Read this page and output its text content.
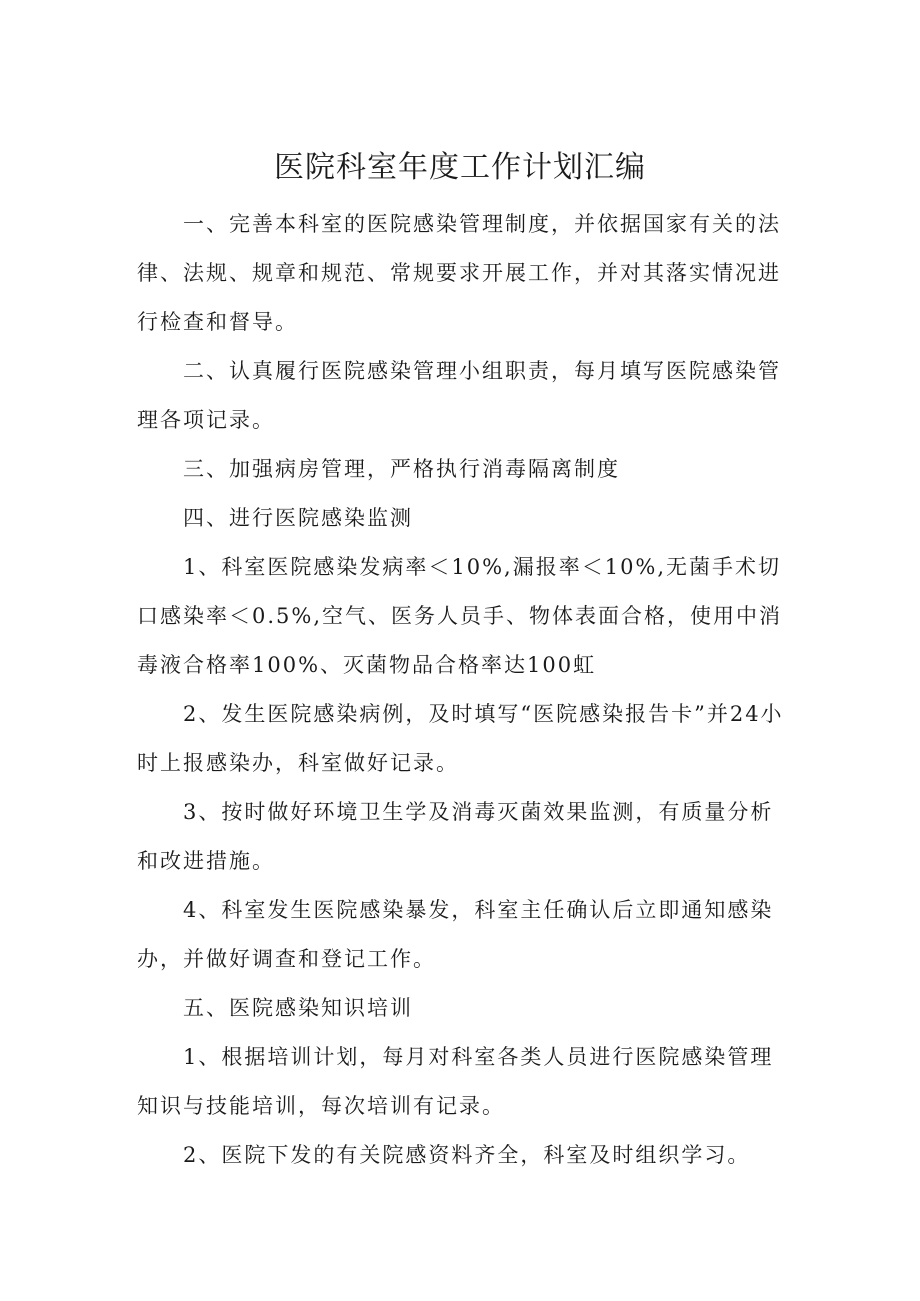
医院科室年度工作计划汇编

一、完善本科室的医院感染管理制度，并依据国家有关的法律、法规、规章和规范、常规要求开展工作，并对其落实情况进行检查和督导。

二、认真履行医院感染管理小组职责，每月填写医院感染管理各项记录。

三、加强病房管理，严格执行消毒隔离制度

四、进行医院感染监测

1、科室医院感染发病率＜10%,漏报率＜10%,无菌手术切口感染率＜0.5%,空气、医务人员手、物体表面合格，使用中消毒液合格率100%、灭菌物品合格率达100虹

2、发生医院感染病例，及时填写“医院感染报告卡”并24小时上报感染办，科室做好记录。

3、按时做好环境卫生学及消毒灭菌效果监测，有质量分析和改进措施。

4、科室发生医院感染暴发，科室主任确认后立即通知感染办，并做好调查和登记工作。

五、医院感染知识培训

1、根据培训计划，每月对科室各类人员进行医院感染管理知识与技能培训，每次培训有记录。

2、医院下发的有关院感资料齐全，科室及时组织学习。
